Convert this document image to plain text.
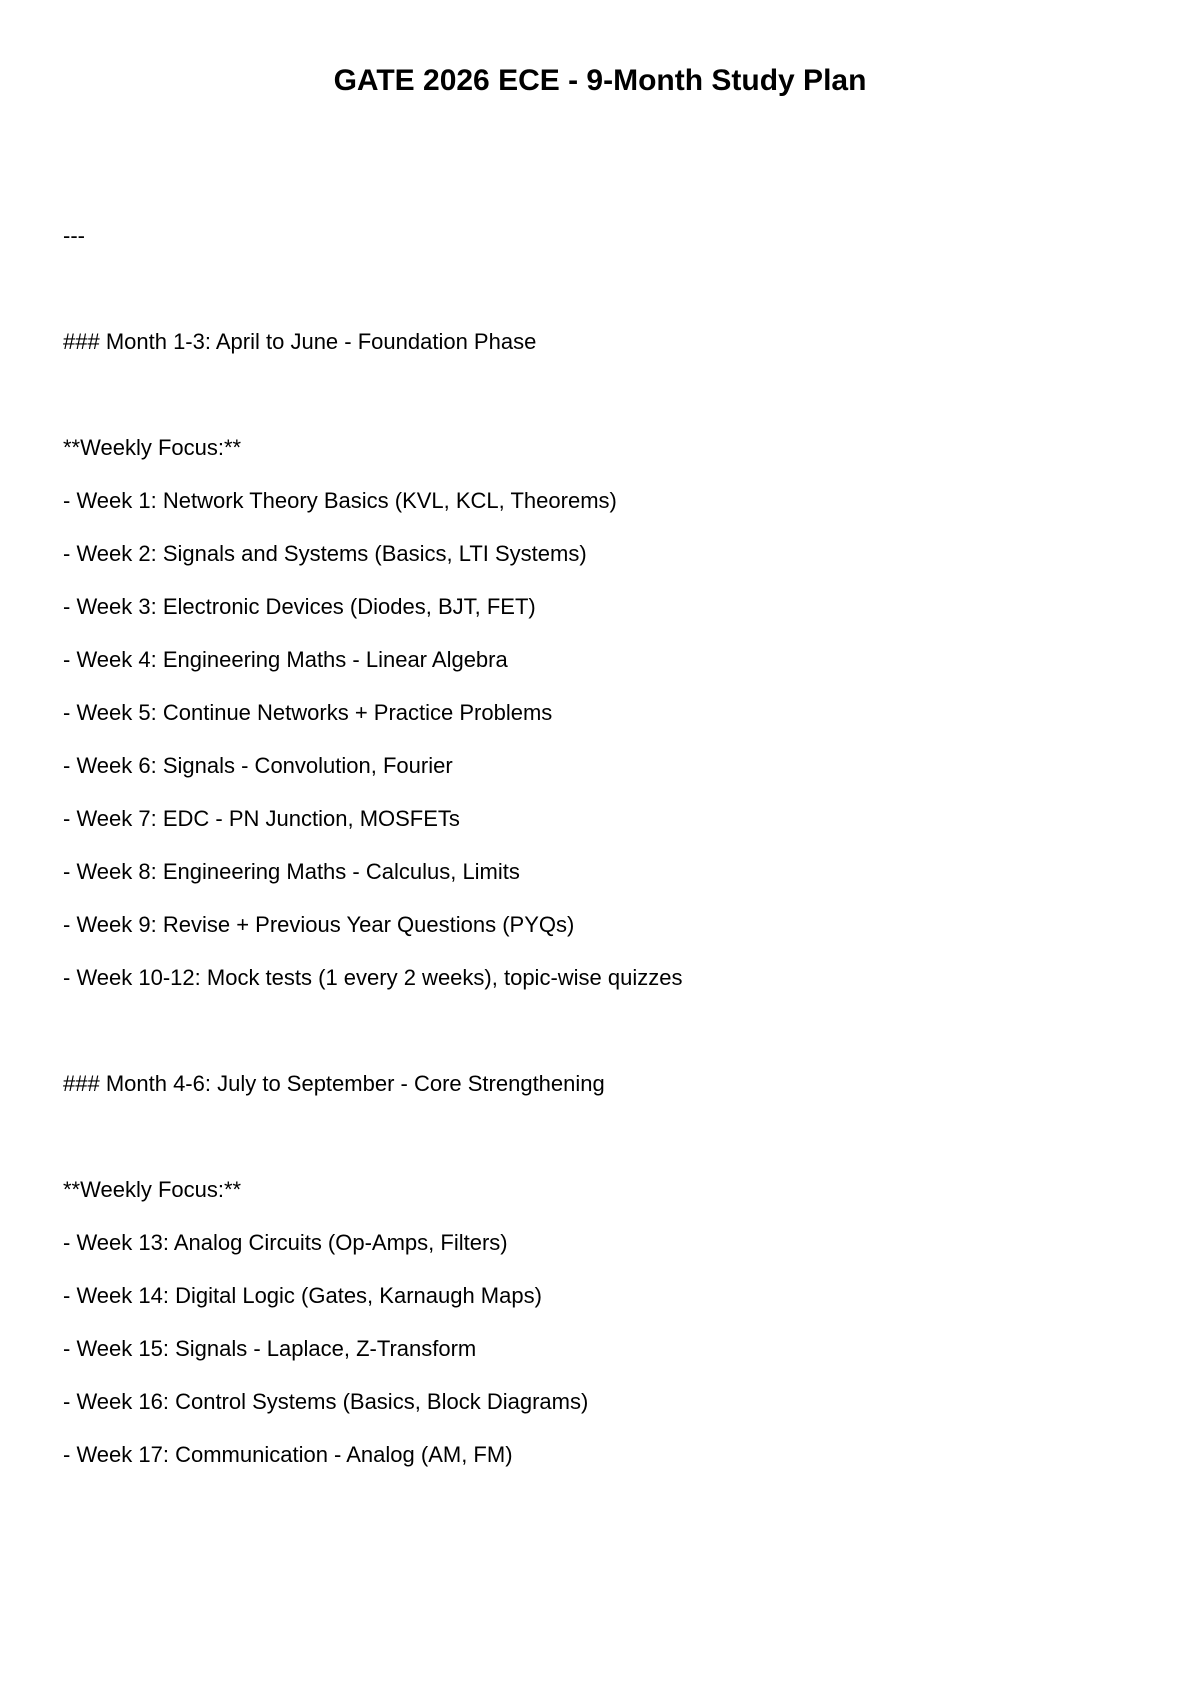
GATE 2026 ECE - 9-Month Study Plan

---

### Month 1-3: April to June - Foundation Phase

**Weekly Focus:**

- Week 1: Network Theory Basics (KVL, KCL, Theorems)

- Week 2: Signals and Systems (Basics, LTI Systems)

- Week 3: Electronic Devices (Diodes, BJT, FET)

- Week 4: Engineering Maths - Linear Algebra

- Week 5: Continue Networks + Practice Problems

- Week 6: Signals - Convolution, Fourier

- Week 7: EDC - PN Junction, MOSFETs

- Week 8: Engineering Maths - Calculus, Limits

- Week 9: Revise + Previous Year Questions (PYQs)

- Week 10-12: Mock tests (1 every 2 weeks), topic-wise quizzes

### Month 4-6: July to September - Core Strengthening

**Weekly Focus:**

- Week 13: Analog Circuits (Op-Amps, Filters)

- Week 14: Digital Logic (Gates, Karnaugh Maps)

- Week 15: Signals - Laplace, Z-Transform

- Week 16: Control Systems (Basics, Block Diagrams)

- Week 17: Communication - Analog (AM, FM)
